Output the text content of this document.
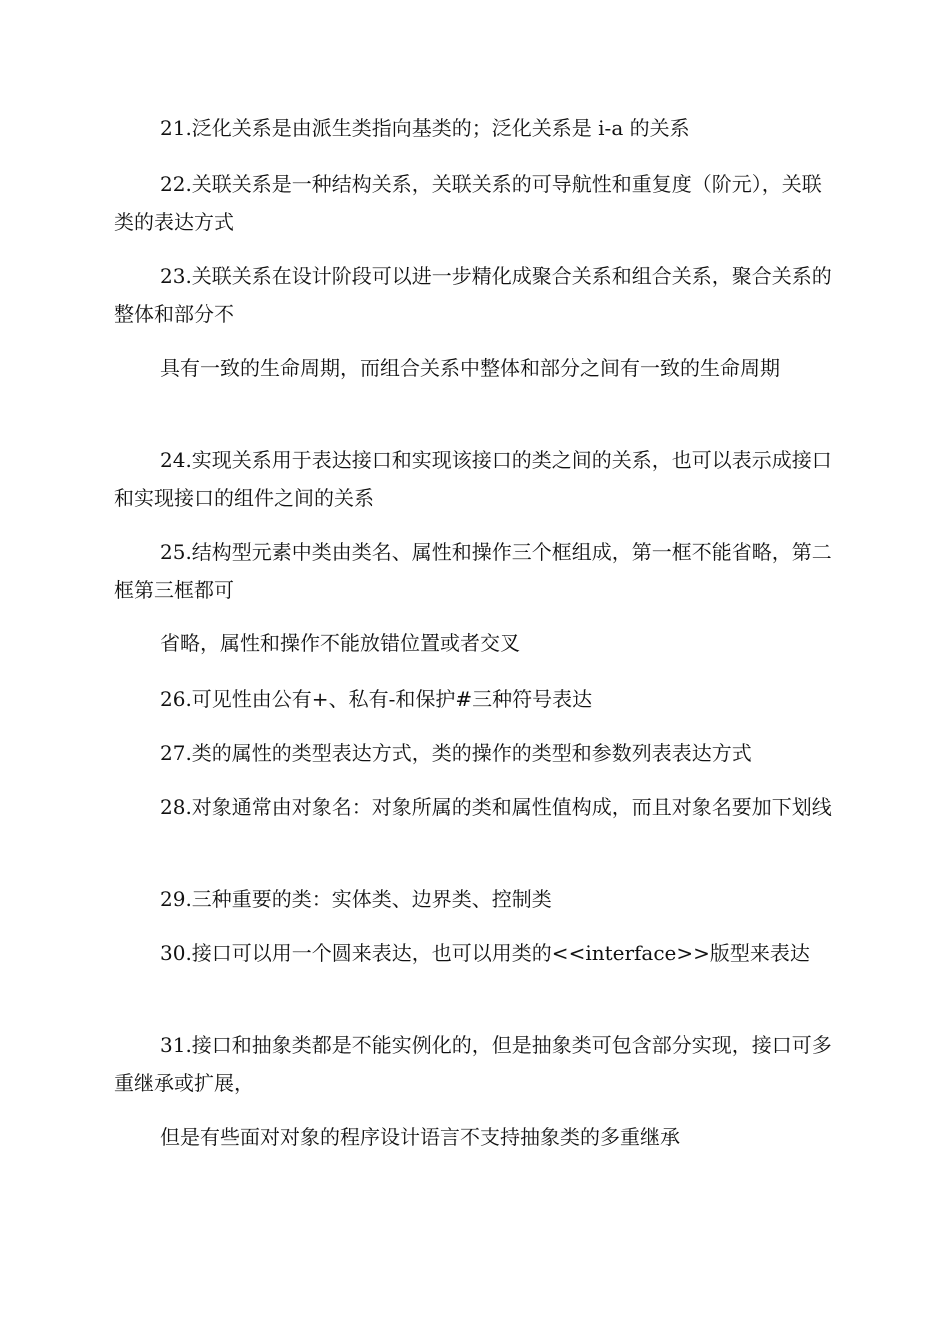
21.泛化关系是由派生类指向基类的；泛化关系是 i-a 的关系

22.关联关系是一种结构关系，关联关系的可导航性和重复度（阶元），关联类的表达方式

23.关联关系在设计阶段可以进一步精化成聚合关系和组合关系，聚合关系的整体和部分不

具有一致的生命周期，而组合关系中整体和部分之间有一致的生命周期

24.实现关系用于表达接口和实现该接口的类之间的关系，也可以表示成接口和实现接口的组件之间的关系

25.结构型元素中类由类名、属性和操作三个框组成，第一框不能省略，第二框第三框都可

省略，属性和操作不能放错位置或者交叉

26.可见性由公有+、私有-和保护#三种符号表达

27.类的属性的类型表达方式，类的操作的类型和参数列表表达方式

28.对象通常由对象名：对象所属的类和属性值构成，而且对象名要加下划线

29.三种重要的类：实体类、边界类、控制类

30.接口可以用一个圆来表达，也可以用类的<<interface>>版型来表达

31.接口和抽象类都是不能实例化的，但是抽象类可包含部分实现，接口可多重继承或扩展，

但是有些面对对象的程序设计语言不支持抽象类的多重继承
